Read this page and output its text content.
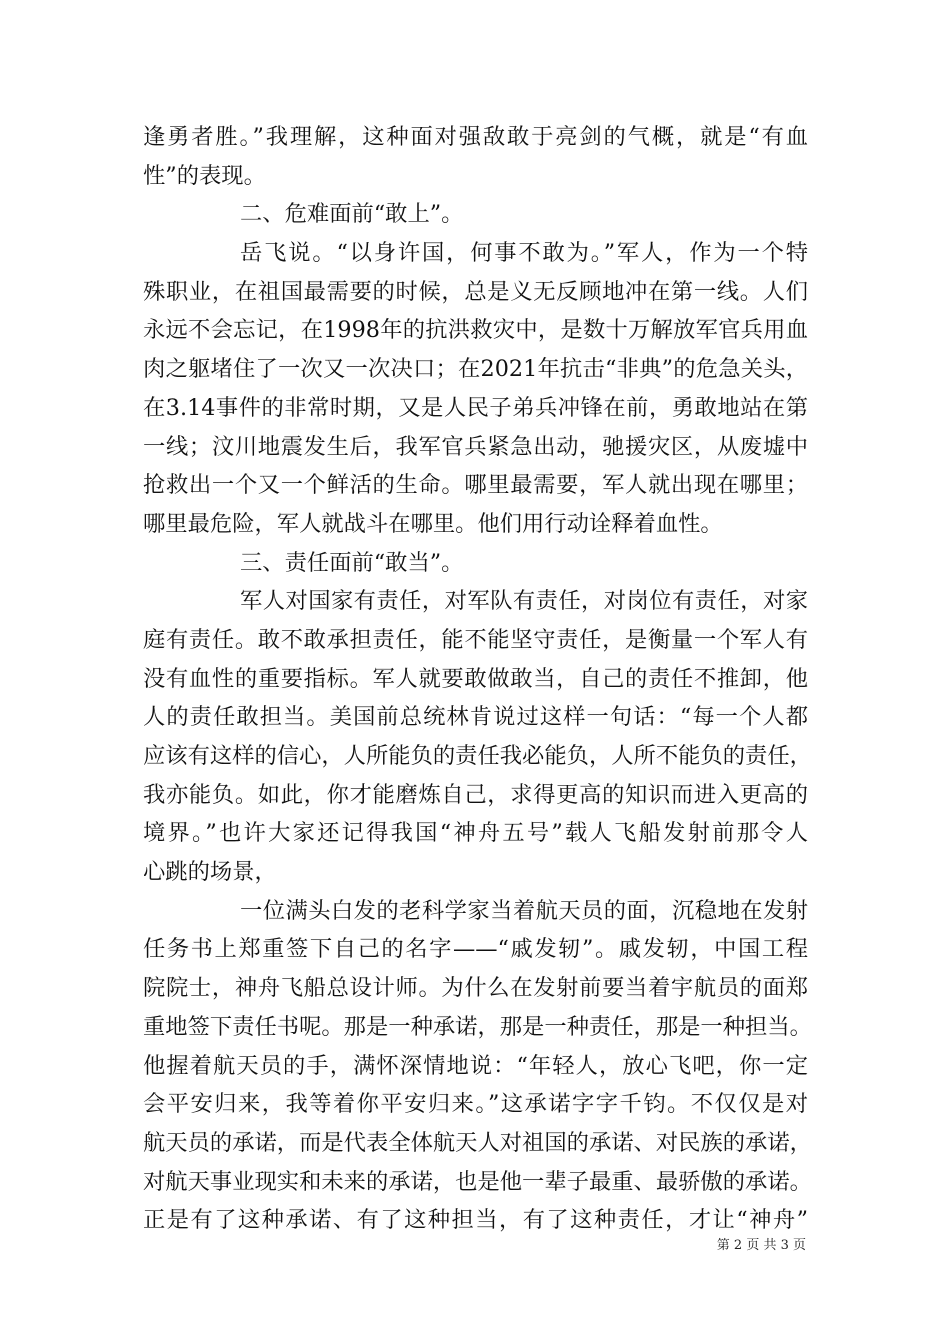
逢勇者胜。”我理解，这种面对强敌敢于亮剑的气概，就是“有血
性”的表现。
二、危难面前“敢上”。
岳飞说。“以身许国，何事不敢为。”军人，作为一个特
殊职业，在祖国最需要的时候，总是义无反顾地冲在第一线。人们
永远不会忘记，在1998年的抗洪救灾中，是数十万解放军官兵用血
肉之躯堵住了一次又一次决口；在2021年抗击“非典”的危急关头，
在3.14事件的非常时期，又是人民子弟兵冲锋在前，勇敢地站在第
一线；汶川地震发生后，我军官兵紧急出动，驰援灾区，从废墟中
抢救出一个又一个鲜活的生命。哪里最需要，军人就出现在哪里；
哪里最危险，军人就战斗在哪里。他们用行动诠释着血性。
三、责任面前“敢当”。
军人对国家有责任，对军队有责任，对岗位有责任，对家
庭有责任。敢不敢承担责任，能不能坚守责任，是衡量一个军人有
没有血性的重要指标。军人就要敢做敢当，自己的责任不推卸，他
人的责任敢担当。美国前总统林肯说过这样一句话：“每一个人都
应该有这样的信心，人所能负的责任我必能负，人所不能负的责任，
我亦能负。如此，你才能磨炼自己，求得更高的知识而进入更高的
境界。”也许大家还记得我国“神舟五号”载人飞船发射前那令人
心跳的场景，
一位满头白发的老科学家当着航天员的面，沉稳地在发射
任务书上郑重签下自己的名字——“戚发轫”。戚发轫，中国工程
院院士，神舟飞船总设计师。为什么在发射前要当着宇航员的面郑
重地签下责任书呢。那是一种承诺，那是一种责任，那是一种担当。
他握着航天员的手，满怀深情地说：“年轻人，放心飞吧，你一定
会平安归来，我等着你平安归来。”这承诺字字千钧。不仅仅是对
航天员的承诺，而是代表全体航天人对祖国的承诺、对民族的承诺，
对航天事业现实和未来的承诺，也是他一辈子最重、最骄傲的承诺。
正是有了这种承诺、有了这种担当，有了这种责任，才让“神舟”
第 2 页 共 3 页
